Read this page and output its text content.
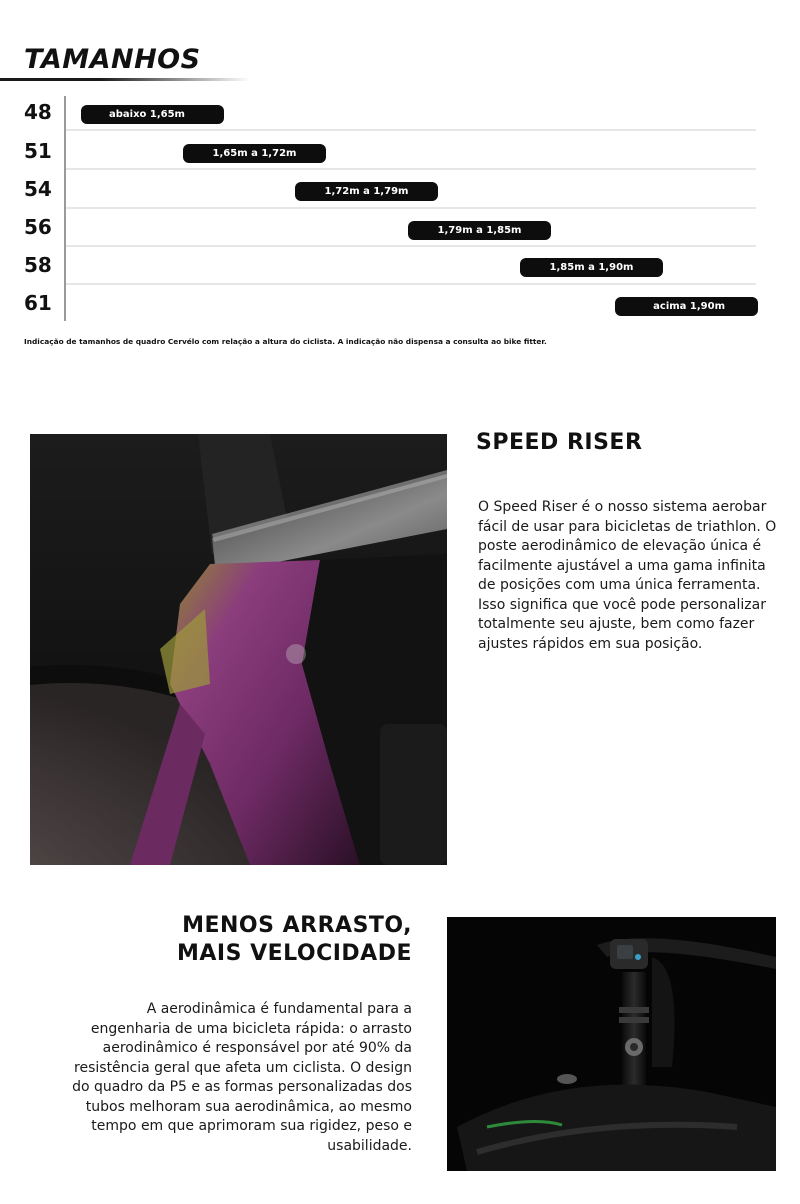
TAMANHOS
48
51
54
56
58
61
abaixo 1,65m
1,65m a 1,72m
1,72m a 1,79m
1,79m a 1,85m
1,85m a 1,90m
acima 1,90m

Indicação de tamanhos de quadro Cervélo com relação a altura do ciclista. A indicação não dispensa a consulta ao bike fitter.

SPEED RISER

O Speed Riser é o nosso sistema aerobar fácil de usar para bicicletas de triathlon. O poste aerodinâmico de elevação única é facilmente ajustável a uma gama infinita de posições com uma única ferramenta. Isso significa que você pode personalizar totalmente seu ajuste, bem como fazer ajustes rápidos em sua posição.

MENOS ARRASTO,
MAIS VELOCIDADE

A aerodinâmica é fundamental para a engenharia de uma bicicleta rápida: o arrasto aerodinâmico é responsável por até 90% da resistência geral que afeta um ciclista. O design do quadro da P5 e as formas personalizadas dos tubos melhoram sua aerodinâmica, ao mesmo tempo em que aprimoram sua rigidez, peso e usabilidade.
